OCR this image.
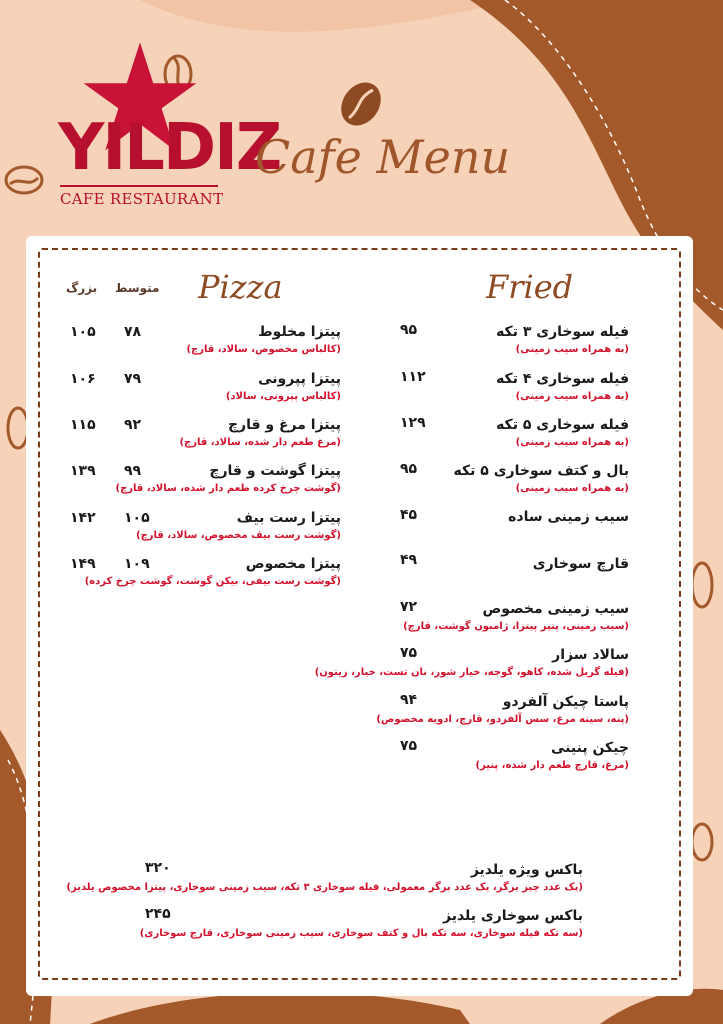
YILDIZ
CAFE RESTAURANT
Cafe Menu
Pizza	Fried
متوسط
بزرگ
پیتزا مخلوط
(کالباس مخصوص، سالاد، قارچ)
۷۸
۱۰۵
پیتزا پپرونی
(کالباس پپرونی، سالاد)
۷۹
۱۰۶
پیتزا مرغ و قارچ
(مرغ طعم دار شده، سالاد، قارچ)
۹۲
۱۱۵
پیتزا گوشت و قارچ
(گوشت چرخ کرده طعم دار شده، سالاد، قارچ)
۹۹
۱۳۹
پیتزا رست بیف
(گوشت رست بیف مخصوص، سالاد، قارچ)
۱۰۵
۱۴۲
پیتزا مخصوص
(گوشت رست بیفی، بیکن گوشت، گوشت چرخ کرده)
۱۰۹
۱۴۹
فیله سوخاری ۳ تکه
(به همراه سیب زمینی)
۹۵
فیله سوخاری ۴ تکه
(به همراه سیب زمینی)
۱۱۲
فیله سوخاری ۵ تکه
(به همراه سیب زمینی)
۱۲۹
بال و کتف سوخاری ۵ تکه
(به همراه سیب زمینی)
۹۵
سیب زمینی ساده
۴۵
قارچ سوخاری
۴۹
سیب زمینی مخصوص
(سیب زمینی، پنیر پیتزا، ژامبون گوشت، قارچ)
۷۲
سالاد سزار
(فیله گریل شده، کاهو، گوجه، خیار شور، نان تست، خیار، زیتون)
۷۵
پاستا چیکن آلفردو
(پنه، سینه مرغ، سس آلفردو، قارچ، ادویه مخصوص)
۹۴
چیکن پنینی
(مرغ، قارچ طعم دار شده، پنیر)
۷۵
باکس ویژه یلدیز
(یک عدد چیز برگر، یک عدد برگر معمولی، فیله سوخاری ۳ تکه، سیب زمینی سوخاری، پیتزا مخصوص یلدیز)
۳۲۰
باکس سوخاری یلدیز
(سه تکه فیله سوخاری، سه تکه بال و کتف سوخاری، سیب زمینی سوخاری، قارچ سوخاری)
۲۴۵
